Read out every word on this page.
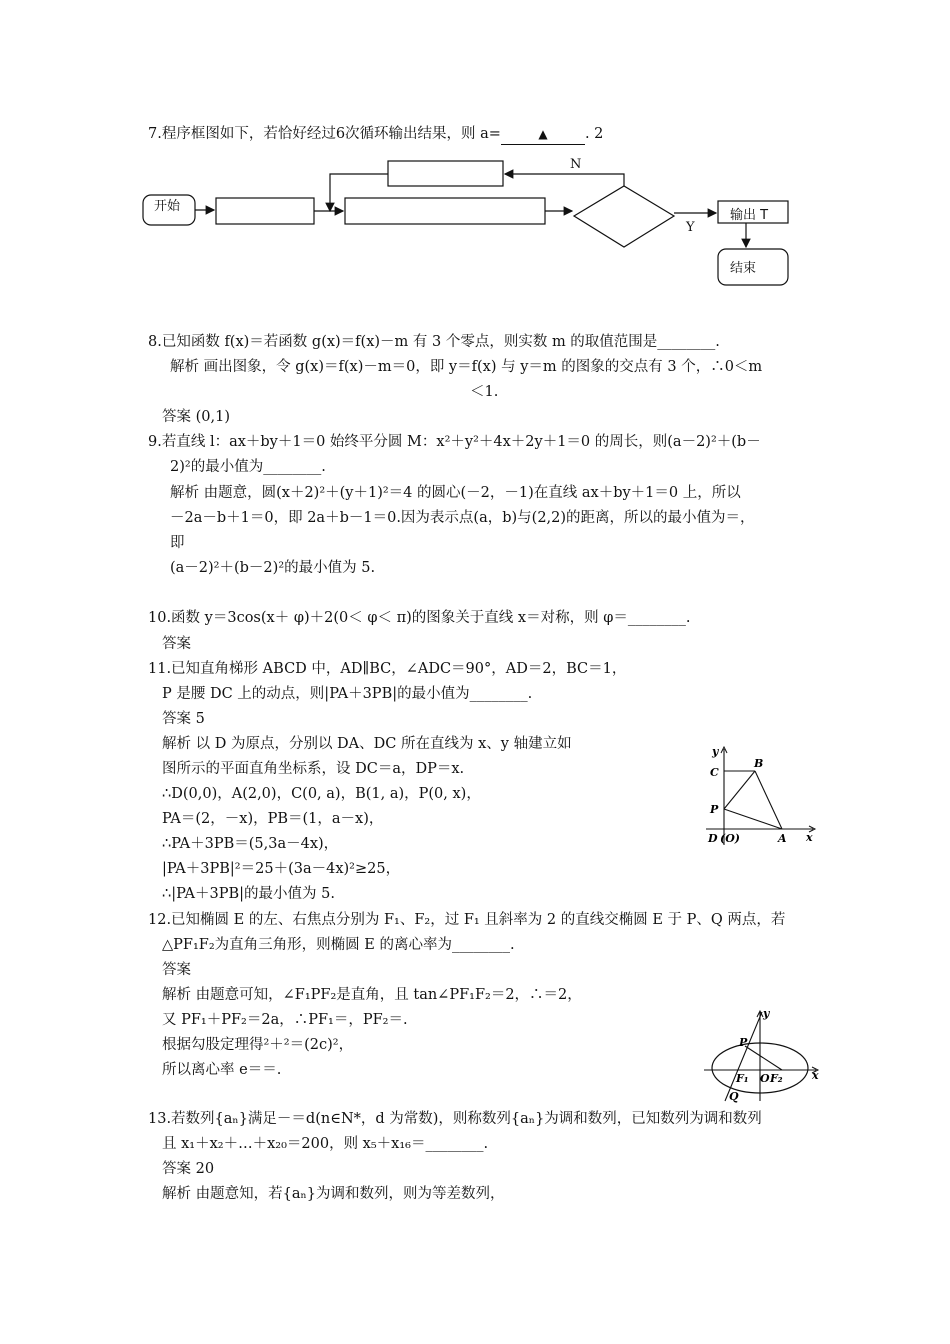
7.程序框图如下，若恰好经过6次循环输出结果，则 a=	▲	. 2
开始
N
Y
输出 T
结束
8.已知函数 f(x)＝若函数 g(x)＝f(x)－m 有 3 个零点，则实数 m 的取值范围是________.
解析 画出图象，令 g(x)＝f(x)－m＝0，即 y＝f(x) 与 y＝m 的图象的交点有 3 个，∴0＜m
＜1.
答案 (0,1)
9.若直线 l：ax＋by＋1＝0 始终平分圆 M：x²＋y²＋4x＋2y＋1＝0 的周长，则(a－2)²＋(b－
2)²的最小值为________.
解析 由题意，圆(x＋2)²＋(y＋1)²＝4 的圆心(－2，－1)在直线 ax＋by＋1＝0 上，所以
－2a－b＋1＝0，即 2a＋b－1＝0.因为表示点(a，b)与(2,2)的距离，所以的最小值为＝，
即
(a－2)²＋(b－2)²的最小值为 5.
10.函数 y＝3cos(x＋ φ)＋2(0＜ φ＜ π)的图象关于直线 x＝对称，则 φ＝________.
答案
11.已知直角梯形 ABCD 中，AD∥BC，∠ADC＝90°，AD＝2，BC＝1，
P 是腰 DC 上的动点，则|PA＋3PB|的最小值为________.
答案 5
解析 以 D 为原点，分别以 DA、DC 所在直线为 x、y 轴建立如
图所示的平面直角坐标系，设 DC＝a，DP＝x.
∴D(0,0)，A(2,0)，C(0, a)，B(1, a)，P(0, x)，
PA＝(2，－x)，PB＝(1，a－x)，
∴PA＋3PB＝(5,3a－4x)，
|PA＋3PB|²＝25＋(3a－4x)²≥25，
∴|PA＋3PB|的最小值为 5.
y
C
B
P
D (O)	A x
12.已知椭圆 E 的左、右焦点分别为 F₁、F₂，过 F₁ 且斜率为 2 的直线交椭圆 E 于 P、Q 两点，若
△PF₁F₂为直角三角形，则椭圆 E 的离心率为________.
答案
解析 由题意可知，∠F₁PF₂是直角，且 tan∠PF₁F₂＝2，∴＝2，
又 PF₁＋PF₂＝2a，∴PF₁＝，PF₂＝.
根据勾股定理得²＋²＝(2c)²，
所以离心率 e＝＝.
y
P
F₁ O F₂
Q
x
13.若数列{aₙ}满足－＝d(n∈N*，d 为常数)，则称数列{aₙ}为调和数列，已知数列为调和数列
且 x₁＋x₂＋…＋x₂₀＝200，则 x₅＋x₁₆＝________.
答案 20
解析 由题意知，若{aₙ}为调和数列，则为等差数列，
